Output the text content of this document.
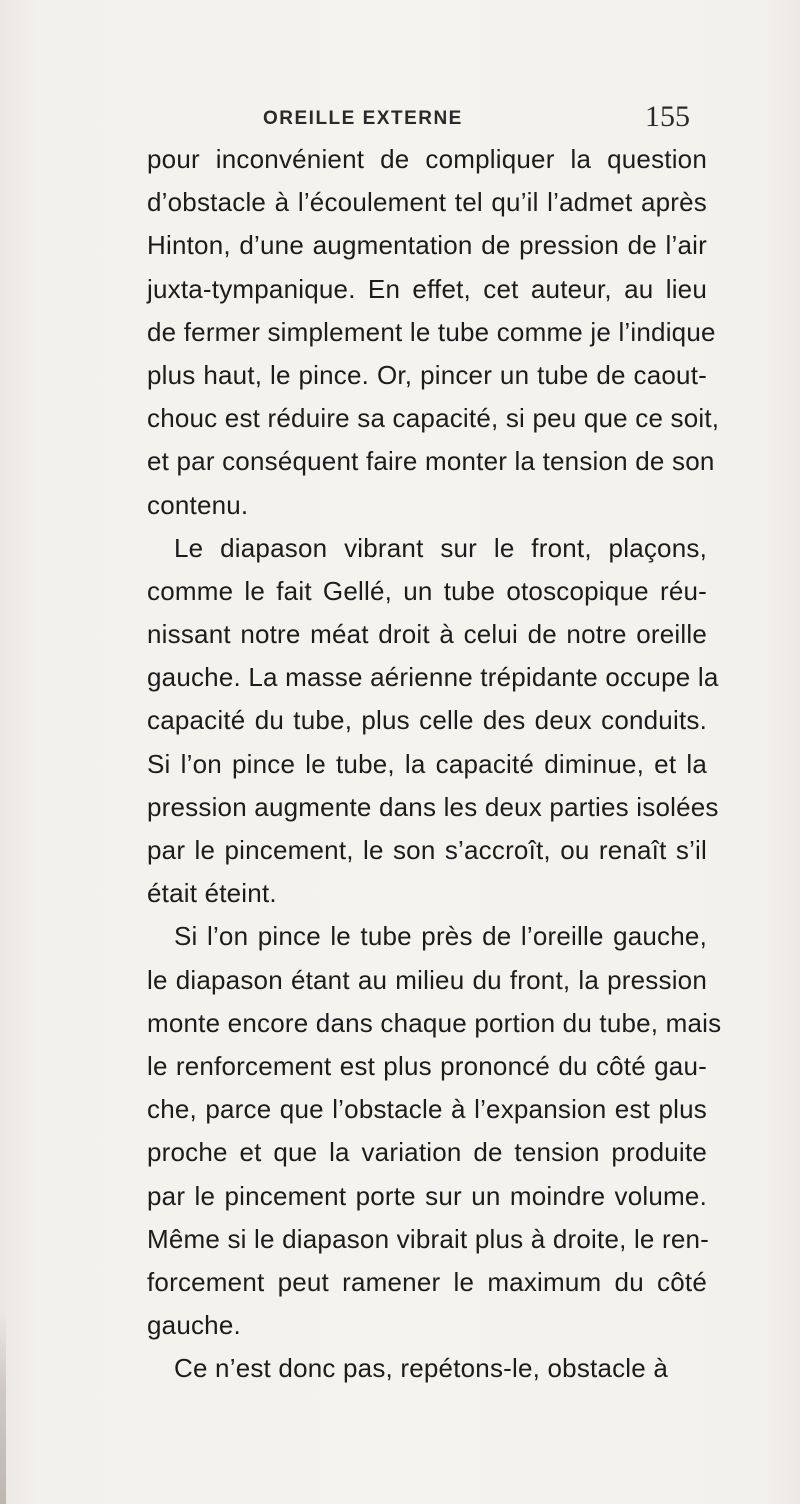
OREILLE EXTERNE	155
pour inconvénient de compliquer la question
d’obstacle à l’écoulement tel qu’il l’admet après
Hinton, d’une augmentation de pression de l’air
juxta-tympanique. En effet, cet auteur, au lieu
de fermer simplement le tube comme je l’indique
plus haut, le pince. Or, pincer un tube de caout-
chouc est réduire sa capacité, si peu que ce soit,
et par conséquent faire monter la tension de son
contenu.
Le diapason vibrant sur le front, plaçons,
comme le fait Gellé, un tube otoscopique réu-
nissant notre méat droit à celui de notre oreille
gauche. La masse aérienne trépidante occupe la
capacité du tube, plus celle des deux conduits.
Si l’on pince le tube, la capacité diminue, et la
pression augmente dans les deux parties isolées
par le pincement, le son s’accroît, ou renaît s’il
était éteint.
Si l’on pince le tube près de l’oreille gauche,
le diapason étant au milieu du front, la pression
monte encore dans chaque portion du tube, mais
le renforcement est plus prononcé du côté gau-
che, parce que l’obstacle à l’expansion est plus
proche et que la variation de tension produite
par le pincement porte sur un moindre volume.
Même si le diapason vibrait plus à droite, le ren-
forcement peut ramener le maximum du côté
gauche.
Ce n’est donc pas, repétons-le, obstacle à
